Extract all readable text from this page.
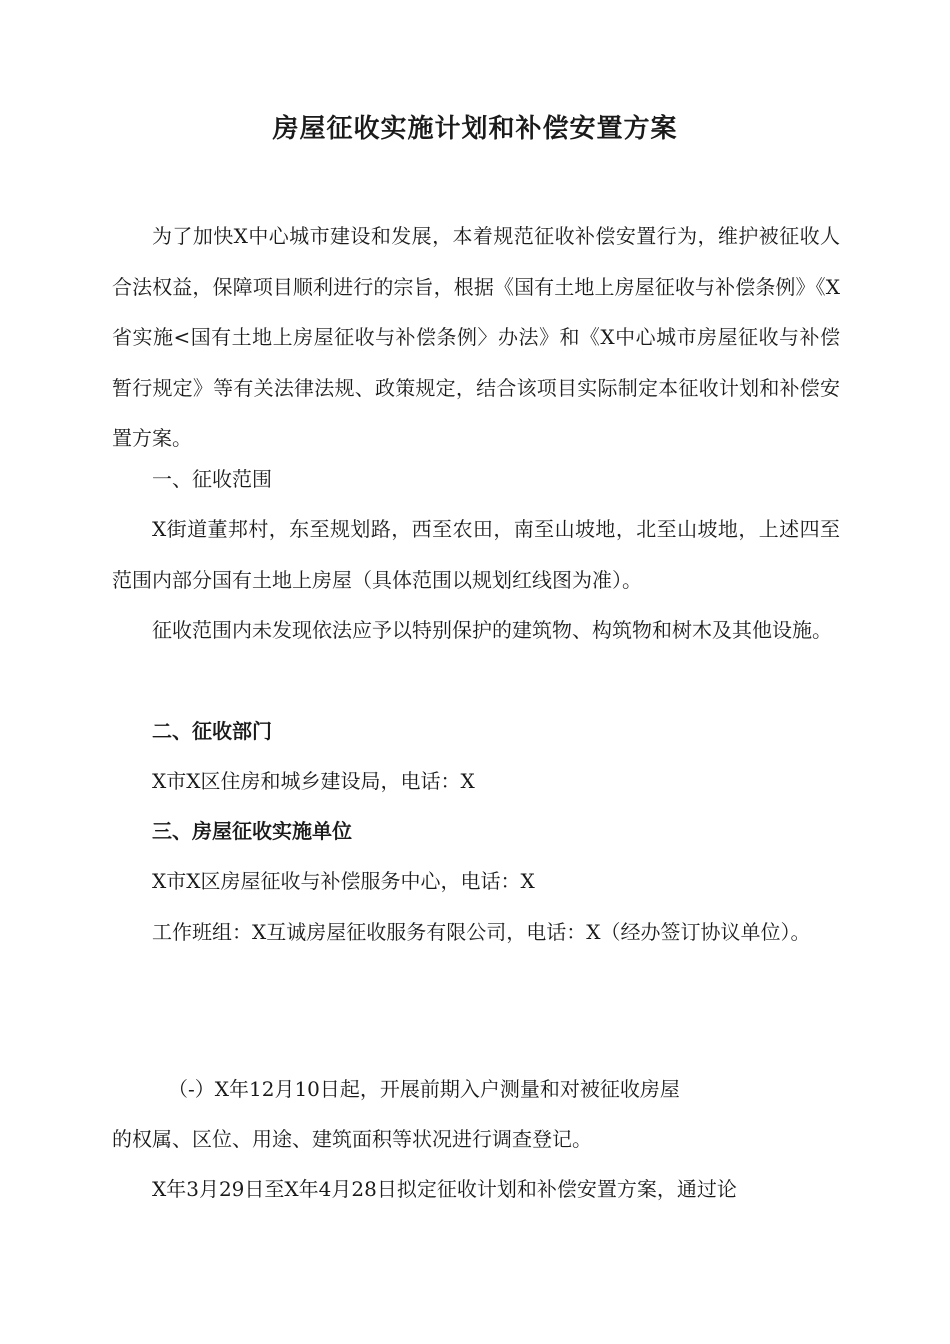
房屋征收实施计划和补偿安置方案

为了加快X中心城市建设和发展，本着规范征收补偿安置行为，维护被征收人合法权益，保障项目顺利进行的宗旨，根据《国有土地上房屋征收与补偿条例》《X省实施<国有土地上房屋征收与补偿条例〉办法》和《X中心城市房屋征收与补偿暂行规定》等有关法律法规、政策规定，结合该项目实际制定本征收计划和补偿安置方案。

一、征收范围

X街道董邦村，东至规划路，西至农田，南至山坡地，北至山坡地，上述四至范围内部分国有土地上房屋（具体范围以规划红线图为准）。

征收范围内未发现依法应予以特别保护的建筑物、构筑物和树木及其他设施。

二、征收部门

X市X区住房和城乡建设局，电话：X

三、房屋征收实施单位

X市X区房屋征收与补偿服务中心，电话：X

工作班组：X互诚房屋征收服务有限公司，电话：X（经办签订协议单位）。

（-）X年12月10日起，开展前期入户测量和对被征收房屋

的权属、区位、用途、建筑面积等状况进行调查登记。

X年3月29日至X年4月28日拟定征收计划和补偿安置方案，通过论
